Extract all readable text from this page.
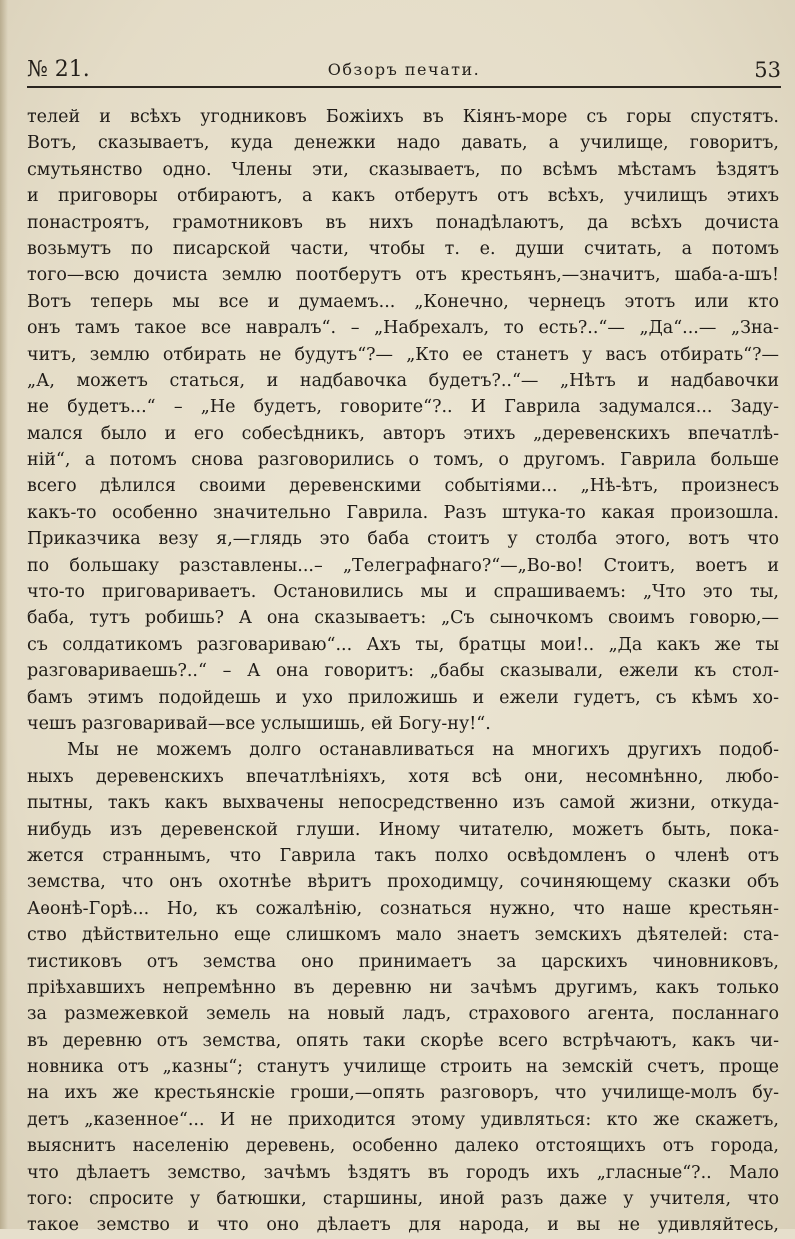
№ 21.	Обзоръ печати.	53
телей и всѣхъ угодниковъ Божіихъ въ Кіянъ-море съ горы спустятъ.
Вотъ, сказываетъ, куда денежки надо давать, а училище, говоритъ,
смутьянство одно. Члены эти, сказываетъ, по всѣмъ мѣстамъ ѣздятъ
и приговоры отбираютъ, а какъ отберутъ отъ всѣхъ, училищъ этихъ
понастроятъ, грамотниковъ въ нихъ понадѣлаютъ, да всѣхъ дочиста
возьмутъ по писарской части, чтобы т. е. души считать, а потомъ
того—всю дочиста землю поотберутъ отъ крестьянъ,—значитъ, шаба-а-шъ!
Вотъ теперь мы все и думаемъ... „Конечно, чернецъ этотъ или кто
онъ тамъ такое все навралъ“. – „Набрехалъ, то есть?..“— „Да“...— „Зна-
читъ, землю отбирать не будутъ“?— „Кто ее станетъ у васъ отбирать“?—
„А, можетъ статься, и надбавочка будетъ?..“— „Нѣтъ и надбавочки
не будетъ...“ – „Не будетъ, говорите“?.. И Гаврила задумался... Заду-
мался было и его собесѣдникъ, авторъ этихъ „деревенскихъ впечатлѣ-
ній“, а потомъ снова разговорились о томъ, о другомъ. Гаврила больше
всего дѣлился своими деревенскими событіями... „Нѣ-ѣтъ, произнесъ
какъ-то особенно значительно Гаврила. Разъ штука-то какая произошла.
Приказчика везу я,—глядь это баба стоитъ у столба этого, вотъ что
по большаку разставлены...– „Телеграфнаго?“—„Во-во! Стоитъ, воетъ и
что-то приговариваетъ. Остановились мы и спрашиваемъ: „Что это ты,
баба, тутъ робишь? А она сказываетъ: „Съ сыночкомъ своимъ говорю,—
съ солдатикомъ разговариваю“... Ахъ ты, братцы мои!.. „Да какъ же ты
разговариваешь?..“ – А она говоритъ: „бабы сказывали, ежели къ стол-
бамъ этимъ подойдешь и ухо приложишь и ежели гудетъ, съ кѣмъ хо-
чешъ разговаривай—все услышишь, ей Богу-ну!“.
Мы не можемъ долго останавливаться на многихъ другихъ подоб-
ныхъ деревенскихъ впечатлѣніяхъ, хотя всѣ они, несомнѣнно, любо-
пытны, такъ какъ выхвачены непосредственно изъ самой жизни, откуда-
нибудь изъ деревенской глуши. Иному читателю, можетъ быть, пока-
жется страннымъ, что Гаврила такъ полхо освѣдомленъ о членѣ отъ
земства, что онъ охотнѣе вѣритъ проходимцу, сочиняющему сказки объ
Аѳонѣ-Горѣ... Но, къ сожалѣнію, сознаться нужно, что наше крестьян-
ство дѣйствительно еще слишкомъ мало знаетъ земскихъ дѣятелей: ста-
тистиковъ отъ земства оно принимаетъ за царскихъ чиновниковъ,
пріѣхавшихъ непремѣнно въ деревню ни зачѣмъ другимъ, какъ только
за размежевкой земель на новый ладъ, страхового агента, посланнаго
въ деревню отъ земства, опять таки скорѣе всего встрѣчаютъ, какъ чи-
новника отъ „казны“; станутъ училище строить на земскій счетъ, проще
на ихъ же крестьянскіе гроши,—опять разговоръ, что училище-молъ бу-
детъ „казенное“... И не приходится этому удивляться: кто же скажетъ,
выяснитъ населенію деревень, особенно далеко отстоящихъ отъ города,
что дѣлаетъ земство, зачѣмъ ѣздятъ въ городъ ихъ „гласные“?.. Мало
того: спросите у батюшки, старшины, иной разъ даже у учителя, что
такое земство и что оно дѣлаетъ для народа, и вы не удивляйтесь,
